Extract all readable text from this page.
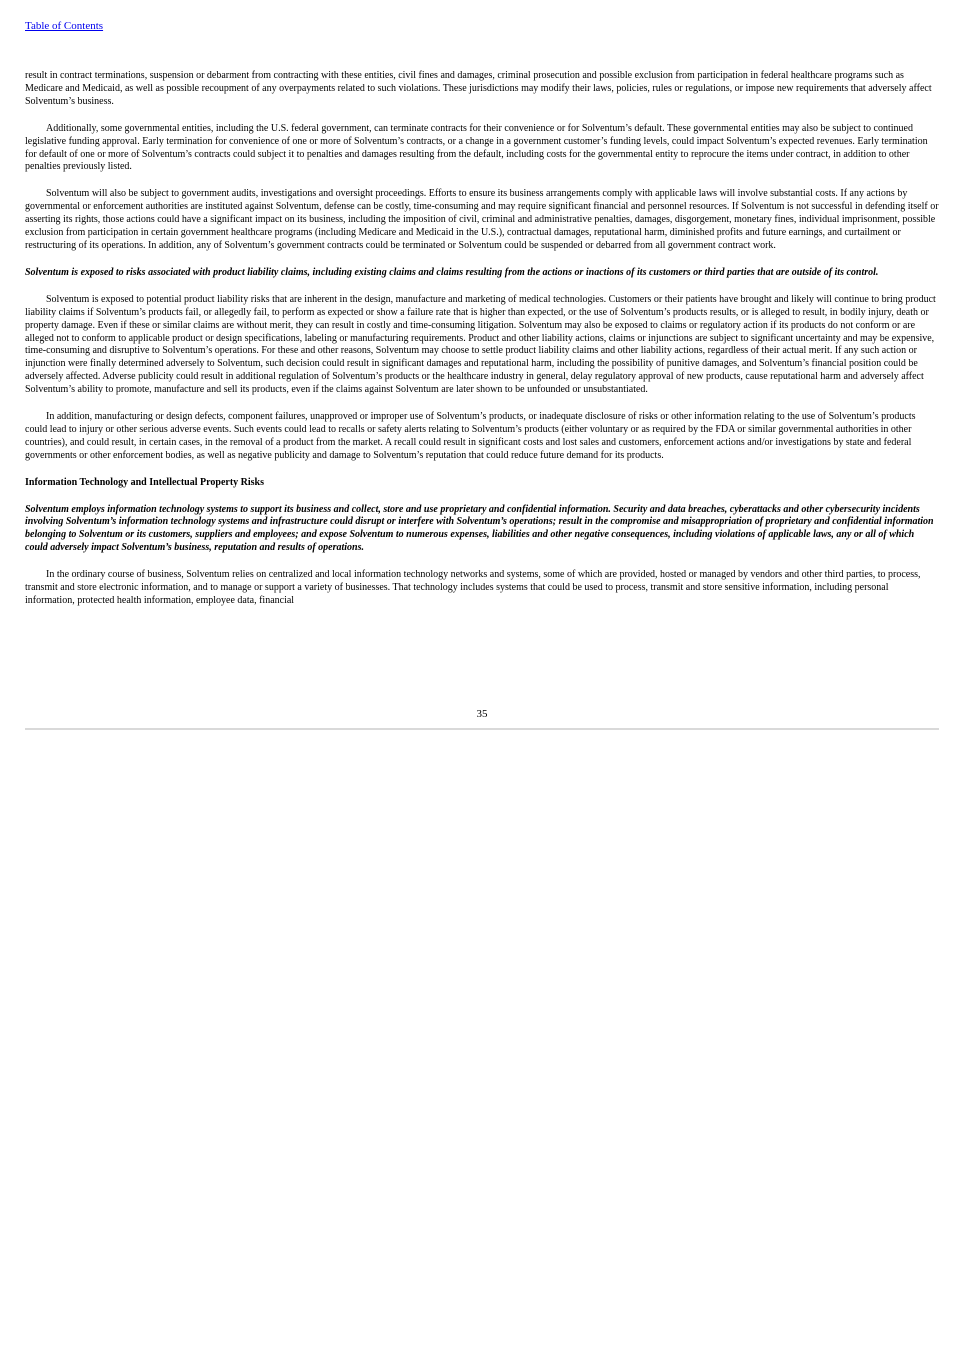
Table of Contents

result in contract terminations, suspension or debarment from contracting with these entities, civil fines and damages, criminal prosecution and possible exclusion from participation in federal healthcare programs such as Medicare and Medicaid, as well as possible recoupment of any overpayments related to such violations. These jurisdictions may modify their laws, policies, rules or regulations, or impose new requirements that adversely affect Solventum’s business.

Additionally, some governmental entities, including the U.S. federal government, can terminate contracts for their convenience or for Solventum’s default. These governmental entities may also be subject to continued legislative funding approval. Early termination for convenience of one or more of Solventum’s contracts, or a change in a government customer’s funding levels, could impact Solventum’s expected revenues. Early termination for default of one or more of Solventum’s contracts could subject it to penalties and damages resulting from the default, including costs for the governmental entity to reprocure the items under contract, in addition to other penalties previously listed.

Solventum will also be subject to government audits, investigations and oversight proceedings. Efforts to ensure its business arrangements comply with applicable laws will involve substantial costs. If any actions by governmental or enforcement authorities are instituted against Solventum, defense can be costly, time-consuming and may require significant financial and personnel resources. If Solventum is not successful in defending itself or asserting its rights, those actions could have a significant impact on its business, including the imposition of civil, criminal and administrative penalties, damages, disgorgement, monetary fines, individual imprisonment, possible exclusion from participation in certain government healthcare programs (including Medicare and Medicaid in the U.S.), contractual damages, reputational harm, diminished profits and future earnings, and curtailment or restructuring of its operations. In addition, any of Solventum’s government contracts could be terminated or Solventum could be suspended or debarred from all government contract work.

Solventum is exposed to risks associated with product liability claims, including existing claims and claims resulting from the actions or inactions of its customers or third parties that are outside of its control.

Solventum is exposed to potential product liability risks that are inherent in the design, manufacture and marketing of medical technologies. Customers or their patients have brought and likely will continue to bring product liability claims if Solventum’s products fail, or allegedly fail, to perform as expected or show a failure rate that is higher than expected, or the use of Solventum’s products results, or is alleged to result, in bodily injury, death or property damage. Even if these or similar claims are without merit, they can result in costly and time-consuming litigation. Solventum may also be exposed to claims or regulatory action if its products do not conform or are alleged not to conform to applicable product or design specifications, labeling or manufacturing requirements. Product and other liability actions, claims or injunctions are subject to significant uncertainty and may be expensive, time-consuming and disruptive to Solventum’s operations. For these and other reasons, Solventum may choose to settle product liability claims and other liability actions, regardless of their actual merit. If any such action or injunction were finally determined adversely to Solventum, such decision could result in significant damages and reputational harm, including the possibility of punitive damages, and Solventum’s financial position could be adversely affected. Adverse publicity could result in additional regulation of Solventum’s products or the healthcare industry in general, delay regulatory approval of new products, cause reputational harm and adversely affect Solventum’s ability to promote, manufacture and sell its products, even if the claims against Solventum are later shown to be unfounded or unsubstantiated.

In addition, manufacturing or design defects, component failures, unapproved or improper use of Solventum’s products, or inadequate disclosure of risks or other information relating to the use of Solventum’s products could lead to injury or other serious adverse events. Such events could lead to recalls or safety alerts relating to Solventum’s products (either voluntary or as required by the FDA or similar governmental authorities in other countries), and could result, in certain cases, in the removal of a product from the market. A recall could result in significant costs and lost sales and customers, enforcement actions and/or investigations by state and federal governments or other enforcement bodies, as well as negative publicity and damage to Solventum’s reputation that could reduce future demand for its products.

Information Technology and Intellectual Property Risks

Solventum employs information technology systems to support its business and collect, store and use proprietary and confidential information. Security and data breaches, cyberattacks and other cybersecurity incidents involving Solventum’s information technology systems and infrastructure could disrupt or interfere with Solventum’s operations; result in the compromise and misappropriation of proprietary and confidential information belonging to Solventum or its customers, suppliers and employees; and expose Solventum to numerous expenses, liabilities and other negative consequences, including violations of applicable laws, any or all of which could adversely impact Solventum’s business, reputation and results of operations.

In the ordinary course of business, Solventum relies on centralized and local information technology networks and systems, some of which are provided, hosted or managed by vendors and other third parties, to process, transmit and store electronic information, and to manage or support a variety of businesses. That technology includes systems that could be used to process, transmit and store sensitive information, including personal information, protected health information, employee data, financial

35
